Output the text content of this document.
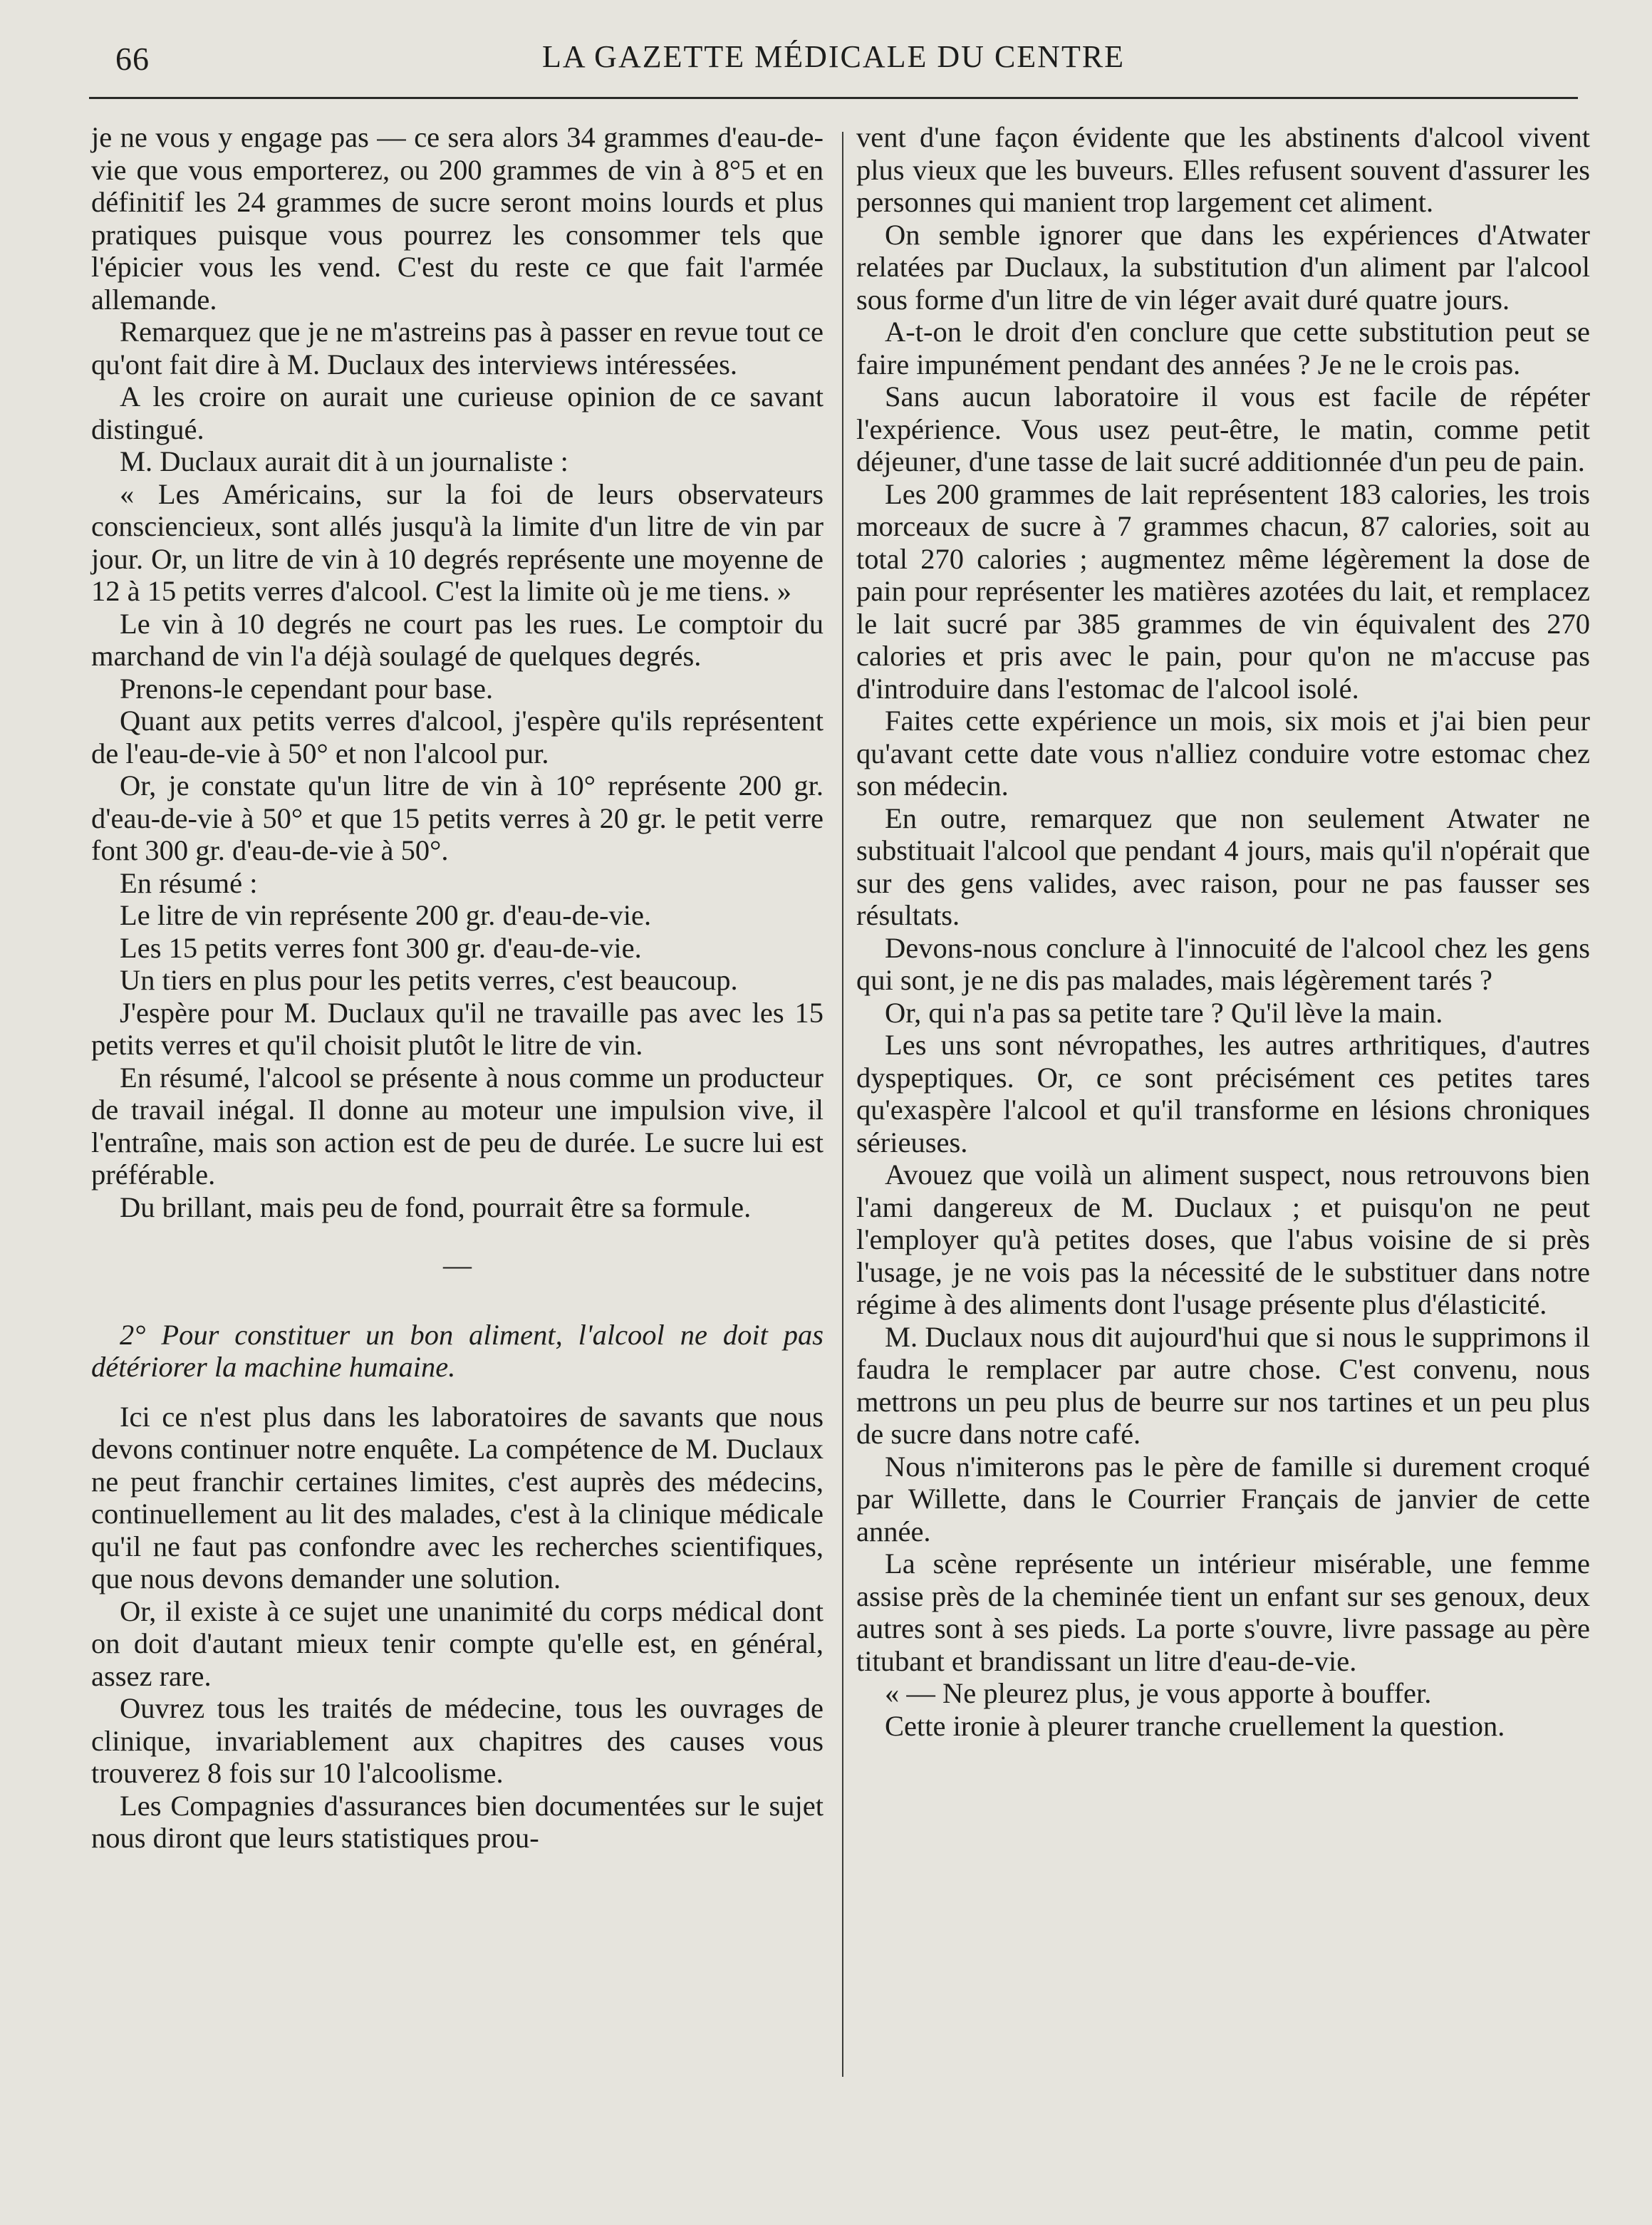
66	LA GAZETTE MÉDICALE DU CENTRE

je ne vous y engage pas — ce sera alors 34 grammes d'eau-de-vie que vous emporterez, ou 200 grammes de vin à 8°5 et en définitif les 24 grammes de sucre seront moins lourds et plus pratiques puisque vous pourrez les consommer tels que l'épicier vous les vend. C'est du reste ce que fait l'armée allemande.

Remarquez que je ne m'astreins pas à passer en revue tout ce qu'ont fait dire à M. Duclaux des interviews intéressées.

A les croire on aurait une curieuse opinion de ce savant distingué.

M. Duclaux aurait dit à un journaliste :

« Les Américains, sur la foi de leurs observateurs consciencieux, sont allés jusqu'à la limite d'un litre de vin par jour. Or, un litre de vin à 10 degrés représente une moyenne de 12 à 15 petits verres d'alcool. C'est la limite où je me tiens. »

Le vin à 10 degrés ne court pas les rues. Le comptoir du marchand de vin l'a déjà soulagé de quelques degrés.

Prenons-le cependant pour base.

Quant aux petits verres d'alcool, j'espère qu'ils représentent de l'eau-de-vie à 50° et non l'alcool pur.

Or, je constate qu'un litre de vin à 10° représente 200 gr. d'eau-de-vie à 50° et que 15 petits verres à 20 gr. le petit verre font 300 gr. d'eau-de-vie à 50°.

En résumé :

Le litre de vin représente 200 gr. d'eau-de-vie.

Les 15 petits verres font 300 gr. d'eau-de-vie.

Un tiers en plus pour les petits verres, c'est beaucoup.

J'espère pour M. Duclaux qu'il ne travaille pas avec les 15 petits verres et qu'il choisit plutôt le litre de vin.

En résumé, l'alcool se présente à nous comme un producteur de travail inégal. Il donne au moteur une impulsion vive, il l'entraîne, mais son action est de peu de durée. Le sucre lui est préférable.

Du brillant, mais peu de fond, pourrait être sa formule.

—

2° Pour constituer un bon aliment, l'alcool ne doit pas détériorer la machine humaine.

Ici ce n'est plus dans les laboratoires de savants que nous devons continuer notre enquête. La compétence de M. Duclaux ne peut franchir certaines limites, c'est auprès des médecins, continuellement au lit des malades, c'est à la clinique médicale qu'il ne faut pas confondre avec les recherches scientifiques, que nous devons demander une solution.

Or, il existe à ce sujet une unanimité du corps médical dont on doit d'autant mieux tenir compte qu'elle est, en général, assez rare.

Ouvrez tous les traités de médecine, tous les ouvrages de clinique, invariablement aux chapitres des causes vous trouverez 8 fois sur 10 l'alcoolisme.

Les Compagnies d'assurances bien documentées sur le sujet nous diront que leurs statistiques prou-

vent d'une façon évidente que les abstinents d'alcool vivent plus vieux que les buveurs. Elles refusent souvent d'assurer les personnes qui manient trop largement cet aliment.

On semble ignorer que dans les expériences d'Atwater relatées par Duclaux, la substitution d'un aliment par l'alcool sous forme d'un litre de vin léger avait duré quatre jours.

A-t-on le droit d'en conclure que cette substitution peut se faire impunément pendant des années ? Je ne le crois pas.

Sans aucun laboratoire il vous est facile de répéter l'expérience. Vous usez peut-être, le matin, comme petit déjeuner, d'une tasse de lait sucré additionnée d'un peu de pain.

Les 200 grammes de lait représentent 183 calories, les trois morceaux de sucre à 7 grammes chacun, 87 calories, soit au total 270 calories ; augmentez même légèrement la dose de pain pour représenter les matières azotées du lait, et remplacez le lait sucré par 385 grammes de vin équivalent des 270 calories et pris avec le pain, pour qu'on ne m'accuse pas d'introduire dans l'estomac de l'alcool isolé.

Faites cette expérience un mois, six mois et j'ai bien peur qu'avant cette date vous n'alliez conduire votre estomac chez son médecin.

En outre, remarquez que non seulement Atwater ne substituait l'alcool que pendant 4 jours, mais qu'il n'opérait que sur des gens valides, avec raison, pour ne pas fausser ses résultats.

Devons-nous conclure à l'innocuité de l'alcool chez les gens qui sont, je ne dis pas malades, mais légèrement tarés ?

Or, qui n'a pas sa petite tare ? Qu'il lève la main.

Les uns sont névropathes, les autres arthritiques, d'autres dyspeptiques. Or, ce sont précisément ces petites tares qu'exaspère l'alcool et qu'il transforme en lésions chroniques sérieuses.

Avouez que voilà un aliment suspect, nous retrouvons bien l'ami dangereux de M. Duclaux ; et puisqu'on ne peut l'employer qu'à petites doses, que l'abus voisine de si près l'usage, je ne vois pas la nécessité de le substituer dans notre régime à des aliments dont l'usage présente plus d'élasticité.

M. Duclaux nous dit aujourd'hui que si nous le supprimons il faudra le remplacer par autre chose. C'est convenu, nous mettrons un peu plus de beurre sur nos tartines et un peu plus de sucre dans notre café.

Nous n'imiterons pas le père de famille si durement croqué par Willette, dans le Courrier Français de janvier de cette année.

La scène représente un intérieur misérable, une femme assise près de la cheminée tient un enfant sur ses genoux, deux autres sont à ses pieds. La porte s'ouvre, livre passage au père titubant et brandissant un litre d'eau-de-vie.

« — Ne pleurez plus, je vous apporte à bouffer.

Cette ironie à pleurer tranche cruellement la question.
